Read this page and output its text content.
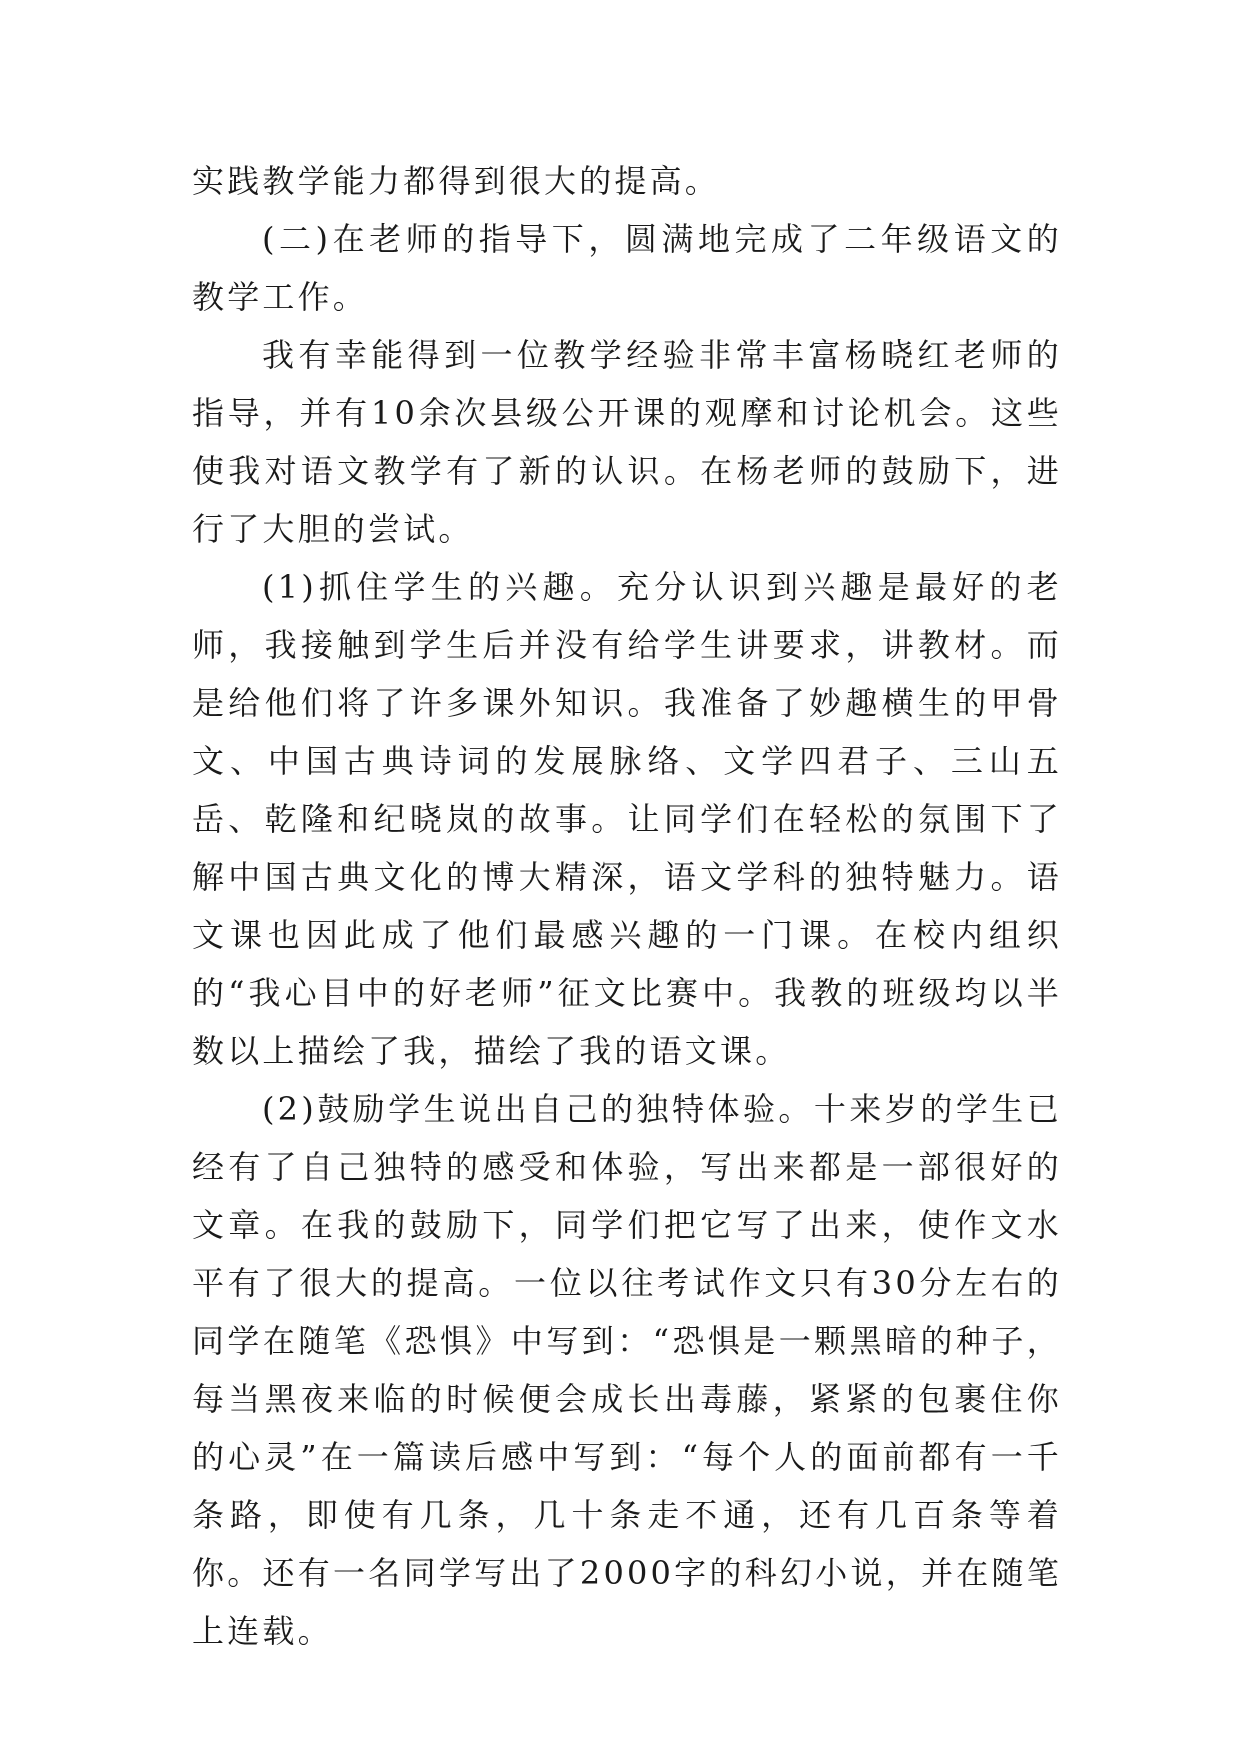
实践教学能力都得到很大的提高。

(二)在老师的指导下，圆满地完成了二年级语文的教学工作。

我有幸能得到一位教学经验非常丰富杨晓红老师的指导，并有10余次县级公开课的观摩和讨论机会。这些使我对语文教学有了新的认识。在杨老师的鼓励下，进行了大胆的尝试。

(1)抓住学生的兴趣。充分认识到兴趣是最好的老师，我接触到学生后并没有给学生讲要求，讲教材。而是给他们将了许多课外知识。我准备了妙趣横生的甲骨文、中国古典诗词的发展脉络、文学四君子、三山五岳、乾隆和纪晓岚的故事。让同学们在轻松的氛围下了解中国古典文化的博大精深，语文学科的独特魅力。语文课也因此成了他们最感兴趣的一门课。在校内组织的“我心目中的好老师”征文比赛中。我教的班级均以半数以上描绘了我，描绘了我的语文课。

(2)鼓励学生说出自己的独特体验。十来岁的学生已经有了自己独特的感受和体验，写出来都是一部很好的文章。在我的鼓励下，同学们把它写了出来，使作文水平有了很大的提高。一位以往考试作文只有30分左右的同学在随笔《恐惧》中写到：“恐惧是一颗黑暗的种子，每当黑夜来临的时候便会成长出毒藤，紧紧的包裹住你的心灵”在一篇读后感中写到：“每个人的面前都有一千条路，即使有几条，几十条走不通，还有几百条等着你。还有一名同学写出了2000字的科幻小说，并在随笔上连载。
